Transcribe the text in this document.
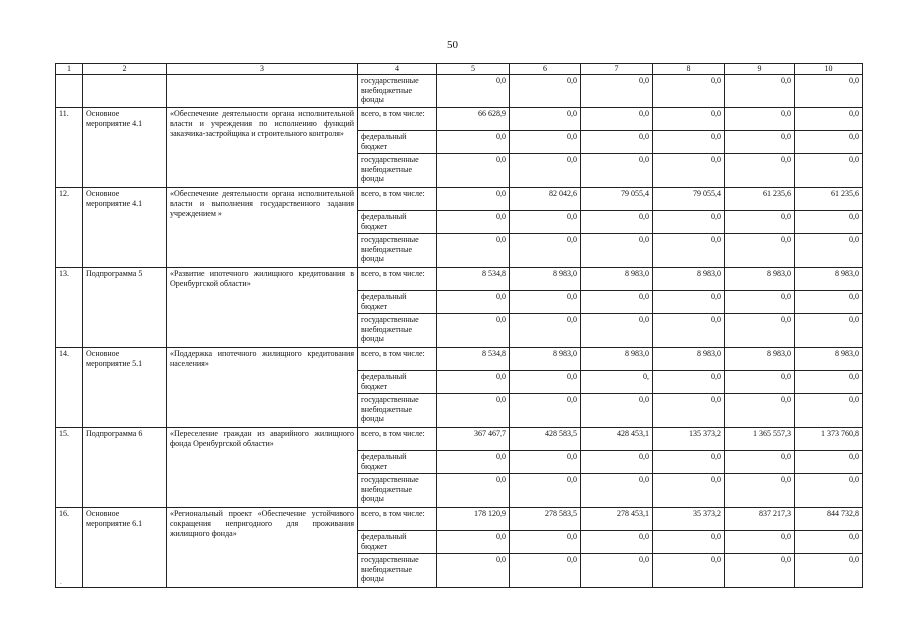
50
1	2	3	4	5	6	7	8	9	10
			государственные внебюджетные фонды	0,0	0,0	0,0	0,0	0,0	0,0
11.	Основное мероприятие 4.1	«Обеспечение деятельности органа исполнительной власти и учреждения по исполнению функций заказчика-застройщика и строительного контроля»	всего, в том числе:	66 628,9	0,0	0,0	0,0	0,0	0,0
			федеральный бюджет	0,0	0,0	0,0	0,0	0,0	0,0
			государственные внебюджетные фонды	0,0	0,0	0,0	0,0	0,0	0,0
12.	Основное мероприятие 4.1	«Обеспечение деятельности органа исполнительной власти и выполнения государственного задания учреждением »	всего, в том числе:	0,0	82 042,6	79 055,4	79 055,4	61 235,6	61 235,6
			федеральный бюджет	0,0	0,0	0,0	0,0	0,0	0,0
			государственные внебюджетные фонды	0,0	0,0	0,0	0,0	0,0	0,0
13.	Подпрограмма 5	«Развитие ипотечного жилищного кредитования в Оренбургской области»	всего, в том числе:	8 534,8	8 983,0	8 983,0	8 983,0	8 983,0	8 983,0
			федеральный бюджет	0,0	0,0	0,0	0,0	0,0	0,0
			государственные внебюджетные фонды	0,0	0,0	0,0	0,0	0,0	0,0
14.	Основное мероприятие 5.1	«Поддержка ипотечного жилищного кредитования населения»	всего, в том числе:	8 534,8	8 983,0	8 983,0	8 983,0	8 983,0	8 983,0
			федеральный бюджет	0,0	0,0	0,	0,0	0,0	0,0
			государственные внебюджетные фонды	0,0	0,0	0,0	0,0	0,0	0,0
15.	Подпрограмма 6	«Переселение граждан из аварийного жилищного фонда Оренбургской области»	всего, в том числе:	367 467,7	428 583,5	428 453,1	135 373,2	1 365 557,3	1 373 760,8
			федеральный бюджет	0,0	0,0	0,0	0,0	0,0	0,0
			государственные внебюджетные фонды	0,0	0,0	0,0	0,0	0,0	0,0
16.	Основное мероприятие 6.1	«Региональный проект «Обеспечение устойчивого сокращения непригодного для проживания жилищного фонда»	всего, в том числе:	178 120,9	278 583,5	278 453,1	35 373,2	837 217,3	844 732,8
			федеральный бюджет	0,0	0,0	0,0	0,0	0,0	0,0
			государственные внебюджетные фонды	0,0	0,0	0,0	0,0	0,0	0,0
.
